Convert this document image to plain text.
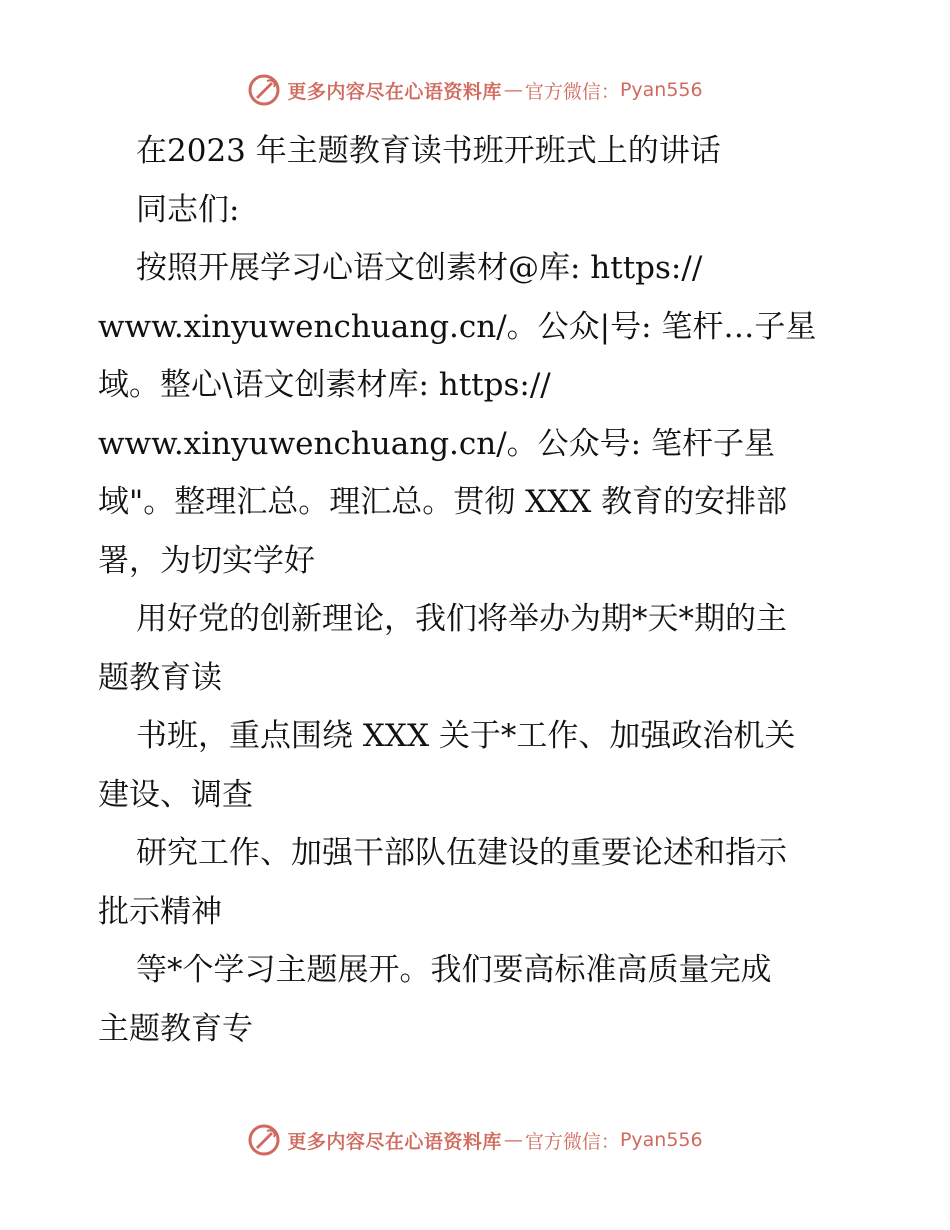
更多内容尽在心语资料库 — 官方微信： Pyan556
在2023 年主题教育读书班开班式上的讲话
同志们:
按照开展学习心语文创素材@库: https://
www.xinyuwenchuang.cn/。公众|号: 笔杆…子星
域。整心\语文创素材库: https://
www.xinyuwenchuang.cn/。公众号: 笔杆子星
域"。整理汇总。理汇总。贯彻 XXX 教育的安排部
署，为切实学好
用好党的创新理论，我们将举办为期*天*期的主
题教育读
书班，重点围绕 XXX 关于*工作、加强政治机关
建设、调查
研究工作、加强干部队伍建设的重要论述和指示
批示精神
等*个学习主题展开。我们要高标准高质量完成
主题教育专
更多内容尽在心语资料库 — 官方微信： Pyan556
